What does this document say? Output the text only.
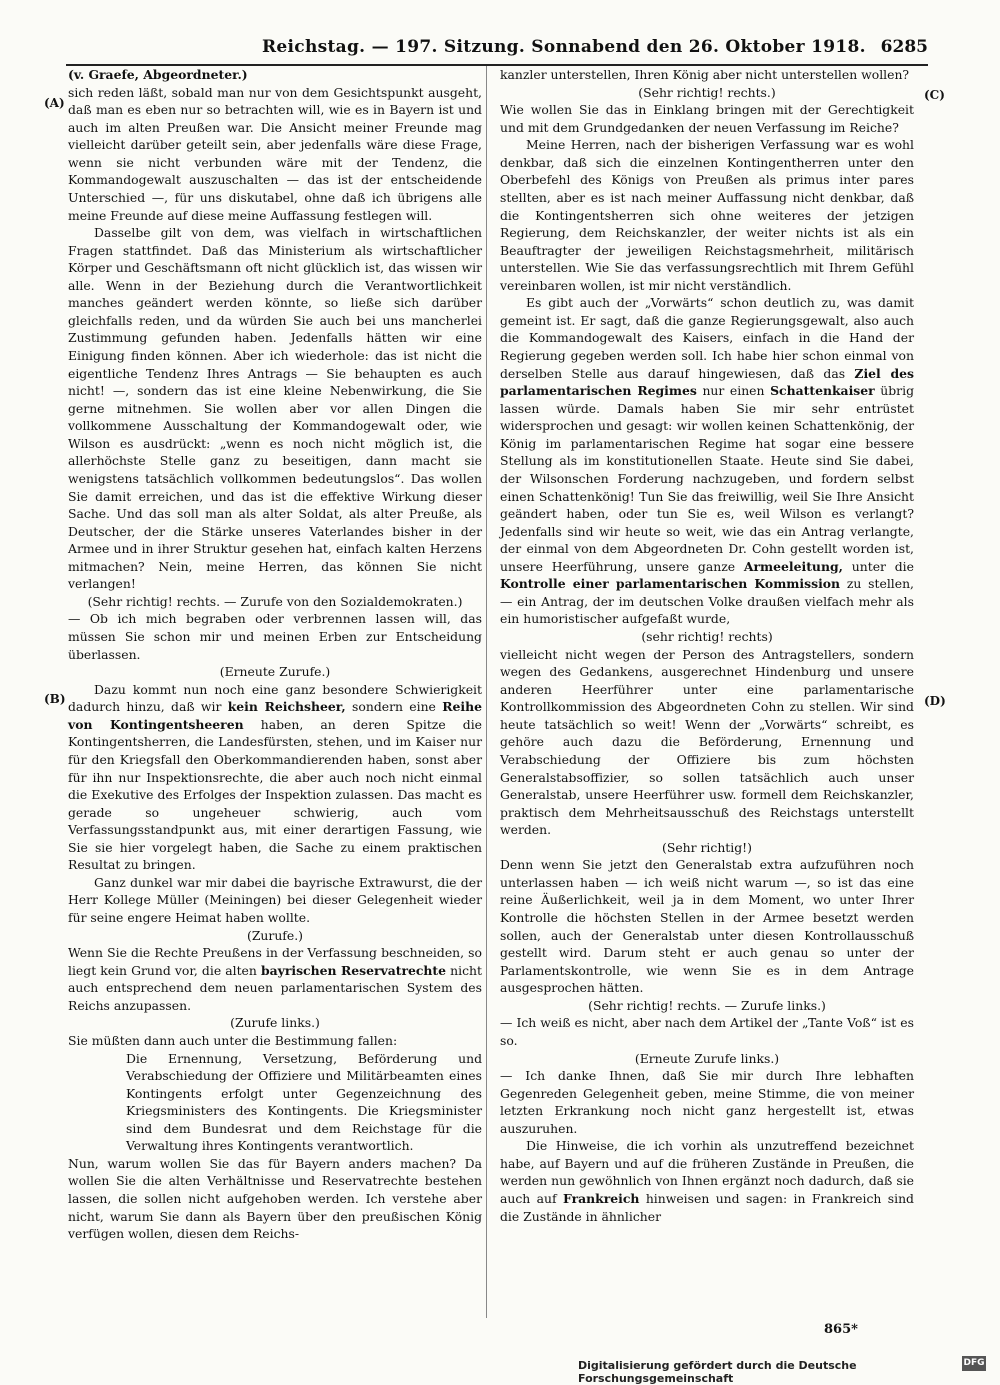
Reichstag. — 197. Sitzung. Sonnabend den 26. Oktober 1918. 6285
(A)
(B)
(C)
(D)

(v. Graefe, Abgeordneter.)

sich reden läßt, sobald man nur von dem Gesichtspunkt ausgeht, daß man es eben nur so betrachten will, wie es in Bayern ist und auch im alten Preußen war. Die Ansicht meiner Freunde mag vielleicht darüber geteilt sein, aber jedenfalls wäre diese Frage, wenn sie nicht verbunden wäre mit der Tendenz, die Kommandogewalt auszuschalten — das ist der entscheidende Unterschied —, für uns diskutabel, ohne daß ich übrigens alle meine Freunde auf diese meine Auffassung festlegen will.

Dasselbe gilt von dem, was vielfach in wirtschaftlichen Fragen stattfindet. Daß das Ministerium als wirtschaftlicher Körper und Geschäftsmann oft nicht glücklich ist, das wissen wir alle. Wenn in der Beziehung durch die Verantwortlichkeit manches geändert werden könnte, so ließe sich darüber gleichfalls reden, und da würden Sie auch bei uns mancherlei Zustimmung gefunden haben. Jedenfalls hätten wir eine Einigung finden können. Aber ich wiederhole: das ist nicht die eigentliche Tendenz Ihres Antrags — Sie behaupten es auch nicht! —, sondern das ist eine kleine Nebenwirkung, die Sie gerne mitnehmen. Sie wollen aber vor allen Dingen die vollkommene Ausschaltung der Kommandogewalt oder, wie Wilson es ausdrückt: „wenn es noch nicht möglich ist, die allerhöchste Stelle ganz zu beseitigen, dann macht sie wenigstens tatsächlich vollkommen bedeutungslos“. Das wollen Sie damit erreichen, und das ist die effektive Wirkung dieser Sache. Und das soll man als alter Soldat, als alter Preuße, als Deutscher, der die Stärke unseres Vaterlandes bisher in der Armee und in ihrer Struktur gesehen hat, einfach kalten Herzens mitmachen? Nein, meine Herren, das können Sie nicht verlangen!

(Sehr richtig! rechts. — Zurufe von den Sozialdemokraten.)

— Ob ich mich begraben oder verbrennen lassen will, das müssen Sie schon mir und meinen Erben zur Entscheidung überlassen.

(Erneute Zurufe.)

Dazu kommt nun noch eine ganz besondere Schwierigkeit dadurch hinzu, daß wir kein Reichsheer, sondern eine Reihe von Kontingentsheeren haben, an deren Spitze die Kontingentsherren, die Landesfürsten, stehen, und im Kaiser nur für den Kriegsfall den Oberkommandierenden haben, sonst aber für ihn nur Inspektionsrechte, die aber auch noch nicht einmal die Exekutive des Erfolges der Inspektion zulassen. Das macht es gerade so ungeheuer schwierig, auch vom Verfassungsstandpunkt aus, mit einer derartigen Fassung, wie Sie sie hier vorgelegt haben, die Sache zu einem praktischen Resultat zu bringen.

Ganz dunkel war mir dabei die bayrische Extrawurst, die der Herr Kollege Müller (Meiningen) bei dieser Gelegenheit wieder für seine engere Heimat haben wollte.

(Zurufe.)

Wenn Sie die Rechte Preußens in der Verfassung beschneiden, so liegt kein Grund vor, die alten bayrischen Reservatrechte nicht auch entsprechend dem neuen parlamentarischen System des Reichs anzupassen.

(Zurufe links.)

Sie müßten dann auch unter die Bestimmung fallen:

Die Ernennung, Versetzung, Beförderung und Verabschiedung der Offiziere und Militärbeamten eines Kontingents erfolgt unter Gegenzeichnung des Kriegsministers des Kontingents. Die Kriegsminister sind dem Bundesrat und dem Reichstage für die Verwaltung ihres Kontingents verantwortlich.

Nun, warum wollen Sie das für Bayern anders machen? Da wollen Sie die alten Verhältnisse und Reservatrechte bestehen lassen, die sollen nicht aufgehoben werden. Ich verstehe aber nicht, warum Sie dann als Bayern über den preußischen König verfügen wollen, diesen dem Reichs-

kanzler unterstellen, Ihren König aber nicht unterstellen wollen?

(Sehr richtig! rechts.)

Wie wollen Sie das in Einklang bringen mit der Gerechtigkeit und mit dem Grundgedanken der neuen Verfassung im Reiche?

Meine Herren, nach der bisherigen Verfassung war es wohl denkbar, daß sich die einzelnen Kontingentherren unter den Oberbefehl des Königs von Preußen als primus inter pares stellten, aber es ist nach meiner Auffassung nicht denkbar, daß die Kontingentsherren sich ohne weiteres der jetzigen Regierung, dem Reichskanzler, der weiter nichts ist als ein Beauftragter der jeweiligen Reichstagsmehrheit, militärisch unterstellen. Wie Sie das verfassungsrechtlich mit Ihrem Gefühl vereinbaren wollen, ist mir nicht verständlich.

Es gibt auch der „Vorwärts“ schon deutlich zu, was damit gemeint ist. Er sagt, daß die ganze Regierungsgewalt, also auch die Kommandogewalt des Kaisers, einfach in die Hand der Regierung gegeben werden soll. Ich habe hier schon einmal von derselben Stelle aus darauf hingewiesen, daß das Ziel des parlamentarischen Regimes nur einen Schattenkaiser übrig lassen würde. Damals haben Sie mir sehr entrüstet widersprochen und gesagt: wir wollen keinen Schattenkönig, der König im parlamentarischen Regime hat sogar eine bessere Stellung als im konstitutionellen Staate. Heute sind Sie dabei, der Wilsonschen Forderung nachzugeben, und fordern selbst einen Schattenkönig! Tun Sie das freiwillig, weil Sie Ihre Ansicht geändert haben, oder tun Sie es, weil Wilson es verlangt? Jedenfalls sind wir heute so weit, wie das ein Antrag verlangte, der einmal von dem Abgeordneten Dr. Cohn gestellt worden ist, unsere Heerführung, unsere ganze Armeeleitung, unter die Kontrolle einer parlamentarischen Kommission zu stellen, — ein Antrag, der im deutschen Volke draußen vielfach mehr als ein humoristischer aufgefaßt wurde,

(sehr richtig! rechts)

vielleicht nicht wegen der Person des Antragstellers, sondern wegen des Gedankens, ausgerechnet Hindenburg und unsere anderen Heerführer unter eine parlamentarische Kontrollkommission des Abgeordneten Cohn zu stellen. Wir sind heute tatsächlich so weit! Wenn der „Vorwärts“ schreibt, es gehöre auch dazu die Beförderung, Ernennung und Verabschiedung der Offiziere bis zum höchsten Generalstabsoffizier, so sollen tatsächlich auch unser Generalstab, unsere Heerführer usw. formell dem Reichskanzler, praktisch dem Mehrheitsausschuß des Reichstags unterstellt werden.

(Sehr richtig!)

Denn wenn Sie jetzt den Generalstab extra aufzuführen noch unterlassen haben — ich weiß nicht warum —, so ist das eine reine Äußerlichkeit, weil ja in dem Moment, wo unter Ihrer Kontrolle die höchsten Stellen in der Armee besetzt werden sollen, auch der Generalstab unter diesen Kontrollausschuß gestellt wird. Darum steht er auch genau so unter der Parlamentskontrolle, wie wenn Sie es in dem Antrage ausgesprochen hätten.

(Sehr richtig! rechts. — Zurufe links.)

— Ich weiß es nicht, aber nach dem Artikel der „Tante Voß“ ist es so.

(Erneute Zurufe links.)

— Ich danke Ihnen, daß Sie mir durch Ihre lebhaften Gegenreden Gelegenheit geben, meine Stimme, die von meiner letzten Erkrankung noch nicht ganz hergestellt ist, etwas auszuruhen.

Die Hinweise, die ich vorhin als unzutreffend bezeichnet habe, auf Bayern und auf die früheren Zustände in Preußen, die werden nun gewöhnlich von Ihnen ergänzt noch dadurch, daß sie auch auf Frankreich hinweisen und sagen: in Frankreich sind die Zustände in ähnlicher

865*
Digitalisierung gefördert durch die Deutsche Forschungsgemeinschaft
DFG
